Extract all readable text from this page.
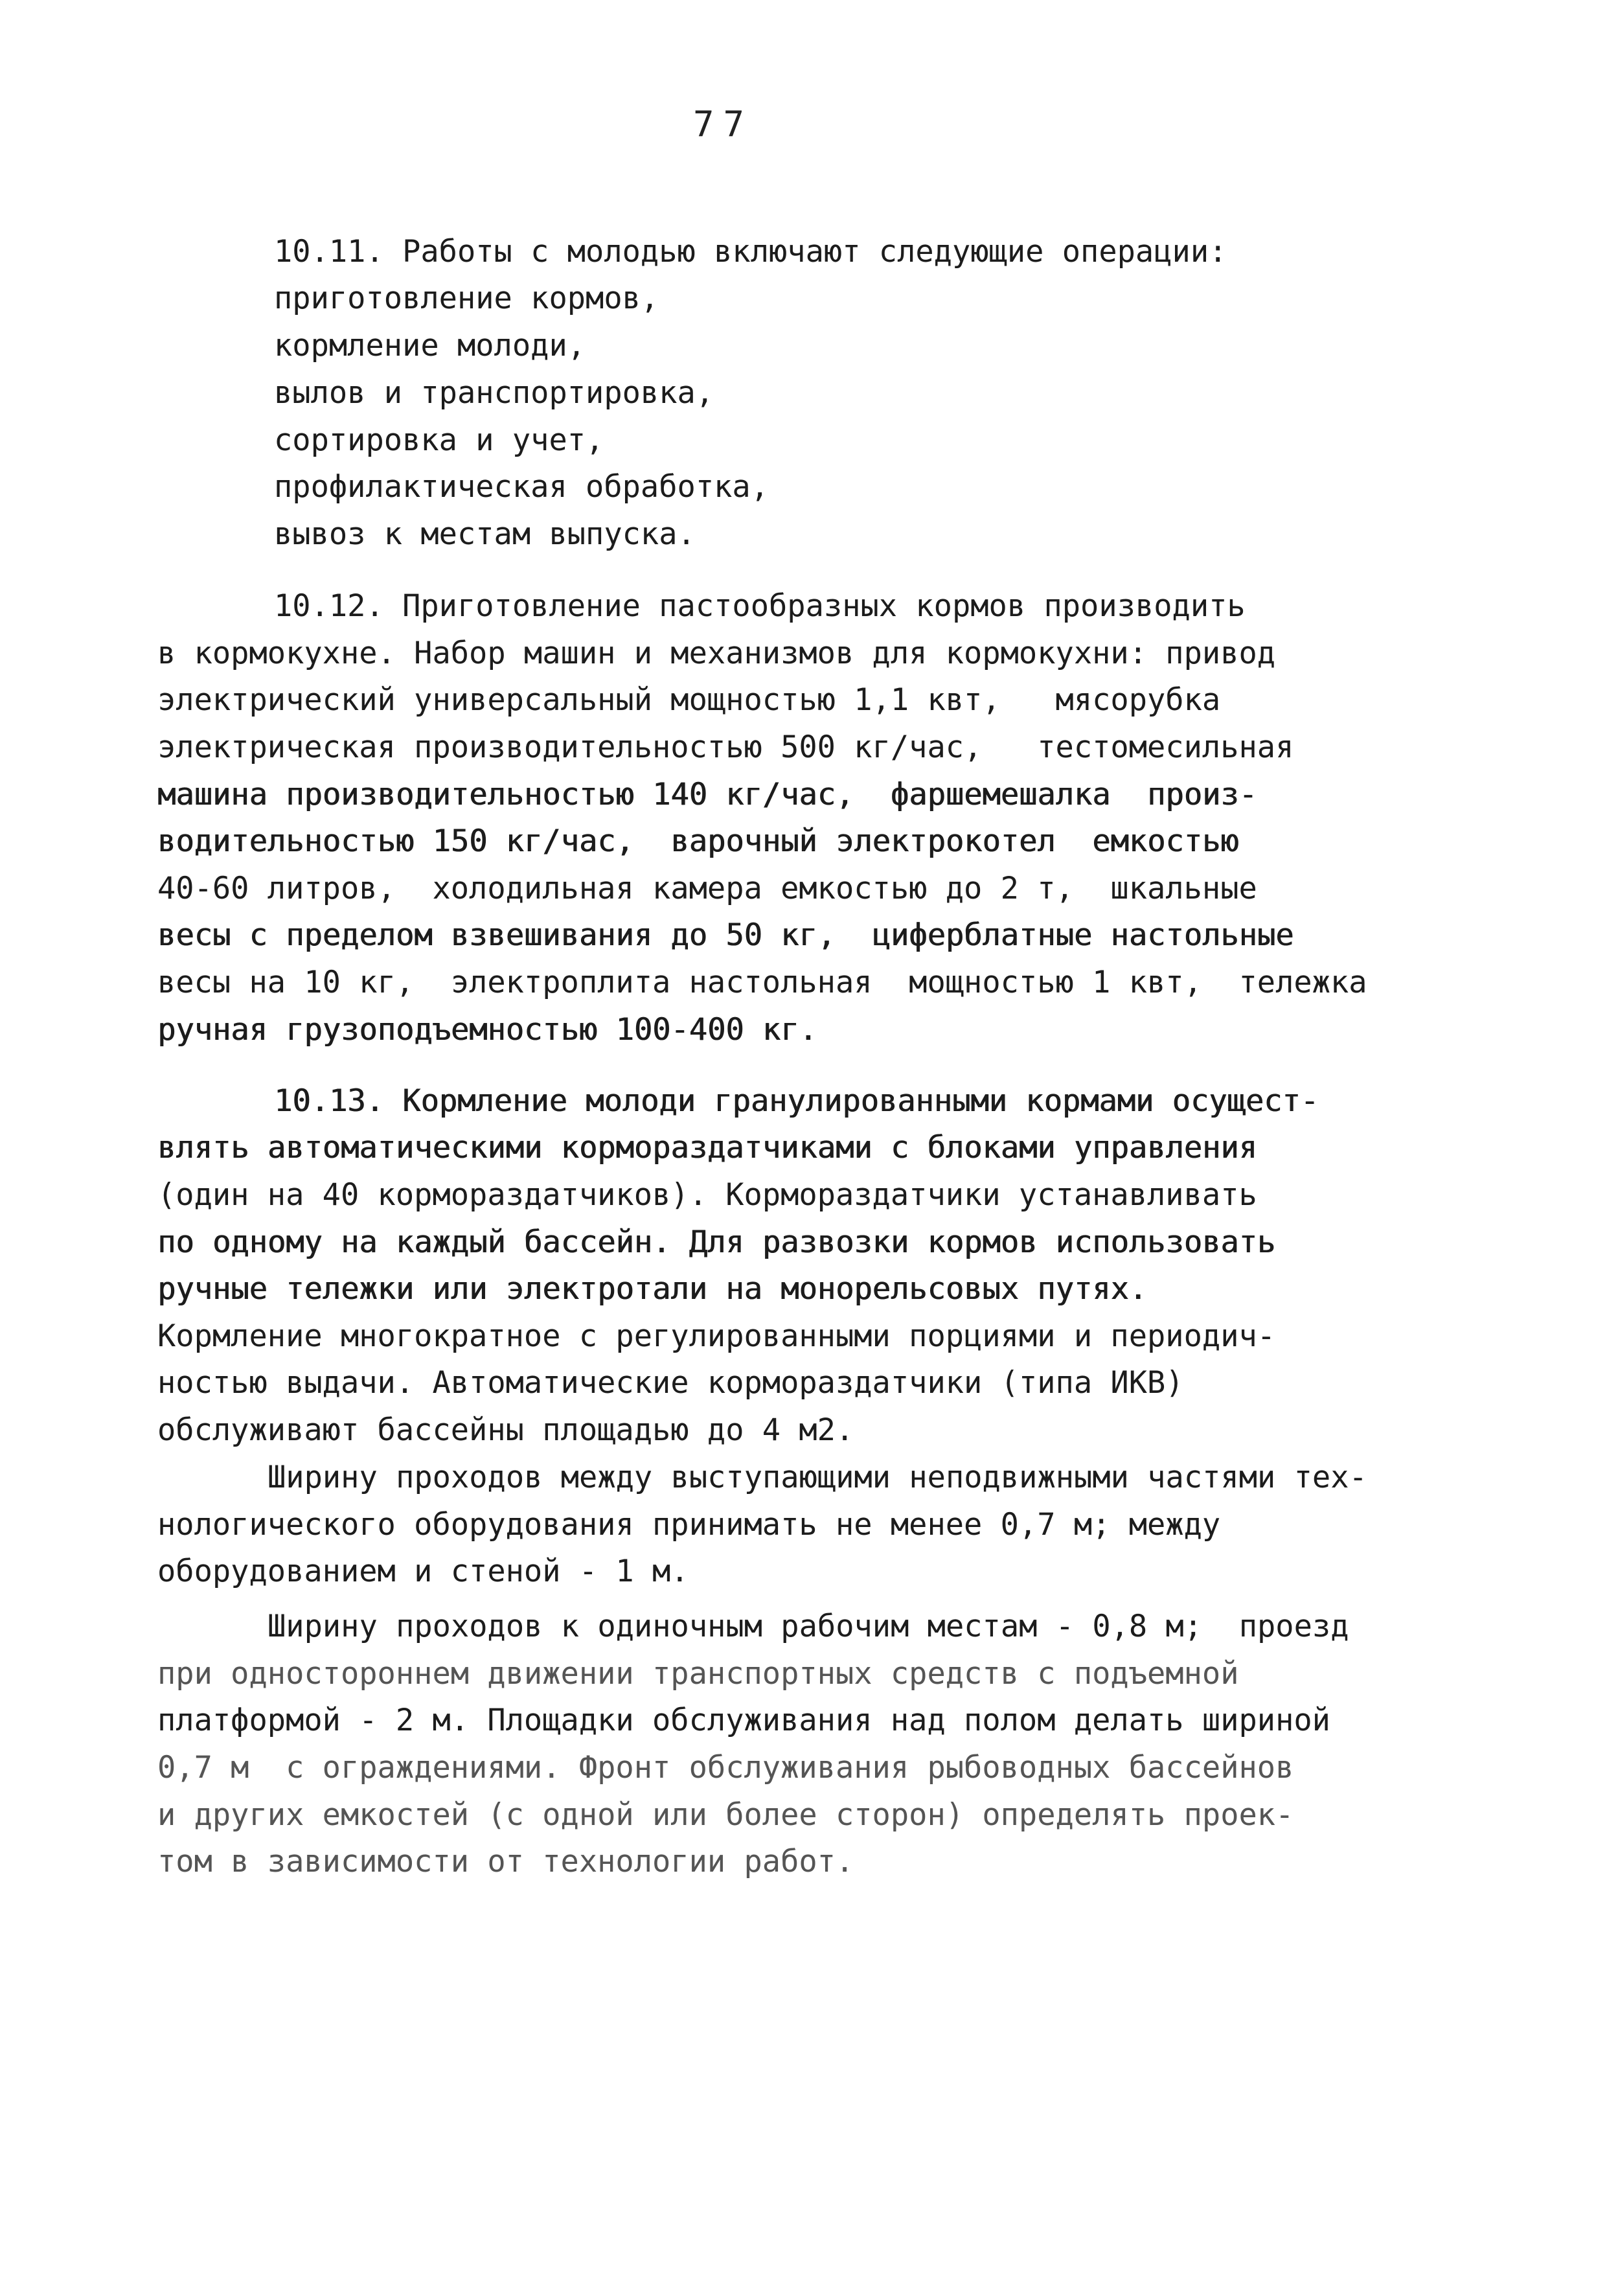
77
10.11. Работы с молодью включают следующие операции:
приготовление кормов,
кормление молоди,
вылов и транспортировка,
сортировка и учет,
профилактическая обработка,
вывоз к местам выпуска.
10.12. Приготовление пастообразных кормов производить
в кормокухне. Набор машин и механизмов для кормокухни: привод
электрический универсальный мощностью 1,1 квт,   мясорубка
электрическая производительностью 500 кг/час,   тестомесильная
машина производительностью 140 кг/час,  фаршемешалка  произ-
водительностью 150 кг/час,  варочный электрокотел  емкостью
40-60 литров,  холодильная камера емкостью до 2 т,  шкальные
весы с пределом взвешивания до 50 кг,  циферблатные настольные
весы на 10 кг,  электроплита настольная  мощностью 1 квт,  тележка
ручная грузоподъемностью 100-400 кг.
10.13. Кормление молоди гранулированными кормами осущест-
влять автоматическими кормораздатчиками с блоками управления
(один на 40 кормораздатчиков). Кормораздатчики устанавливать
по одному на каждый бассейн. Для развозки кормов использовать
ручные тележки или электротали на монорельсовых путях.
Кормление многократное с регулированными порциями и периодич-
ностью выдачи. Автоматические кормораздатчики (типа ИКВ)
обслуживают бассейны площадью до 4 м2.
Ширину проходов между выступающими неподвижными частями тех-
нологического оборудования принимать не менее 0,7 м; между
оборудованием и стеной - 1 м.
Ширину проходов к одиночным рабочим местам - 0,8 м;  проезд
при одностороннем движении транспортных средств с подъемной
платформой - 2 м. Площадки обслуживания над полом делать шириной
0,7 м  с ограждениями. Фронт обслуживания рыбоводных бассейнов
и других емкостей (с одной или более сторон) определять проек-
том в зависимости от технологии работ.
